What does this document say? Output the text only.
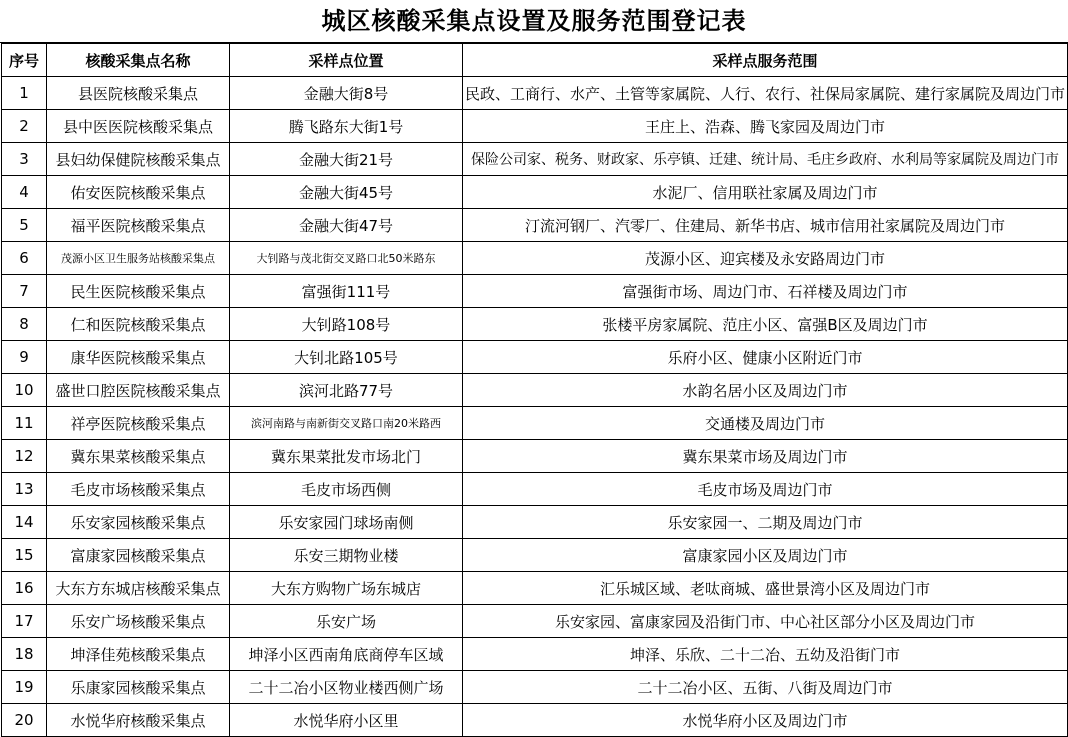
城区核酸采集点设置及服务范围登记表
序号	核酸采集点名称	采样点位置	采样点服务范围
1	县医院核酸采集点	金融大街8号	民政、工商行、水产、土管等家属院、人行、农行、社保局家属院、建行家属院及周边门市
2	县中医医院核酸采集点	腾飞路东大街1号	王庄上、浩森、腾飞家园及周边门市
3	县妇幼保健院核酸采集点	金融大街21号	保险公司家、税务、财政家、乐亭镇、迁建、统计局、毛庄乡政府、水利局等家属院及周边门市
4	佑安医院核酸采集点	金融大街45号	水泥厂、信用联社家属及周边门市
5	福平医院核酸采集点	金融大街47号	汀流河钢厂、汽零厂、住建局、新华书店、城市信用社家属院及周边门市
6	茂源小区卫生服务站核酸采集点	大钊路与茂北街交叉路口北50米路东	茂源小区、迎宾楼及永安路周边门市
7	民生医院核酸采集点	富强街111号	富强街市场、周边门市、石祥楼及周边门市
8	仁和医院核酸采集点	大钊路108号	张楼平房家属院、范庄小区、富强B区及周边门市
9	康华医院核酸采集点	大钊北路105号	乐府小区、健康小区附近门市
10	盛世口腔医院核酸采集点	滨河北路77号	水韵名居小区及周边门市
11	祥亭医院核酸采集点	滨河南路与南新街交叉路口南20米路西	交通楼及周边门市
12	冀东果菜核酸采集点	冀东果菜批发市场北门	冀东果菜市场及周边门市
13	毛皮市场核酸采集点	毛皮市场西侧	毛皮市场及周边门市
14	乐安家园核酸采集点	乐安家园门球场南侧	乐安家园一、二期及周边门市
15	富康家园核酸采集点	乐安三期物业楼	富康家园小区及周边门市
16	大东方东城店核酸采集点	大东方购物广场东城店	汇乐城区域、老呔商城、盛世景湾小区及周边门市
17	乐安广场核酸采集点	乐安广场	乐安家园、富康家园及沿街门市、中心社区部分小区及周边门市
18	坤泽佳苑核酸采集点	坤泽小区西南角底商停车区域	坤泽、乐欣、二十二冶、五幼及沿街门市
19	乐康家园核酸采集点	二十二冶小区物业楼西侧广场	二十二冶小区、五街、八街及周边门市
20	水悦华府核酸采集点	水悦华府小区里	水悦华府小区及周边门市
